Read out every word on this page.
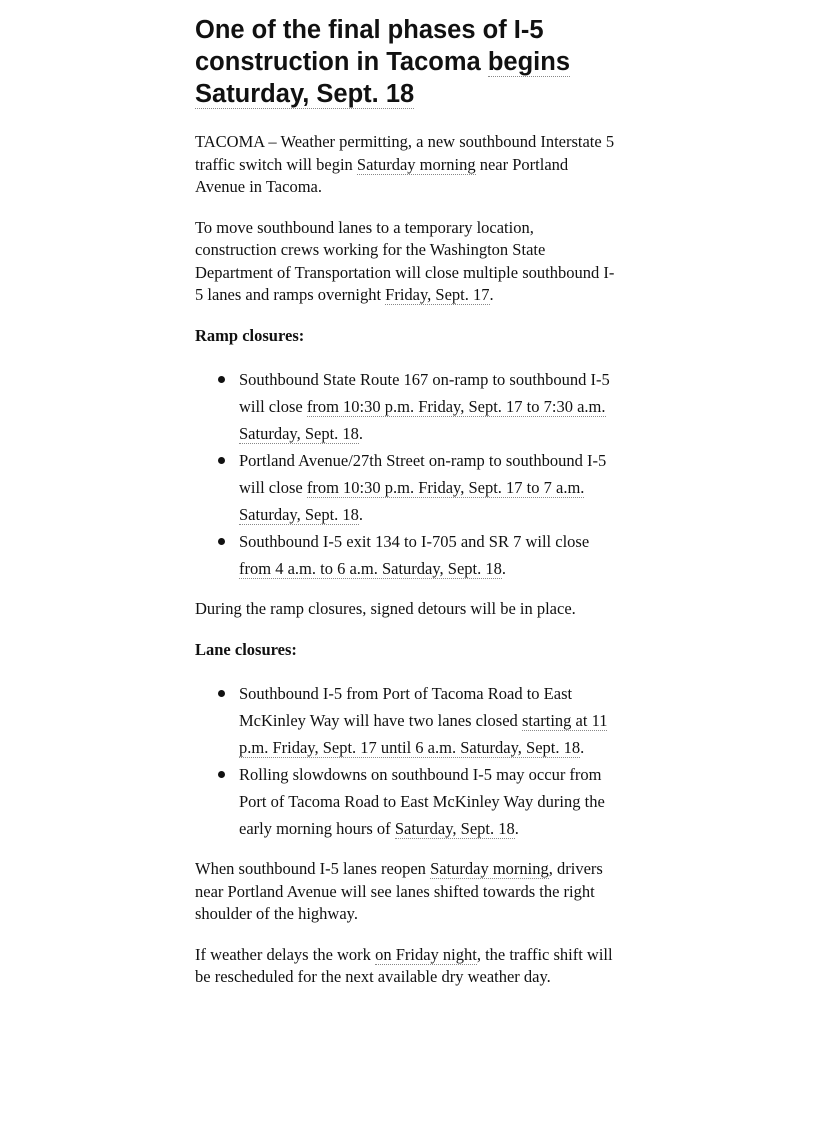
One of the final phases of I-5 construction in Tacoma begins Saturday, Sept. 18

TACOMA – Weather permitting, a new southbound Interstate 5 traffic switch will begin Saturday morning near Portland Avenue in Tacoma.

To move southbound lanes to a temporary location, construction crews working for the Washington State Department of Transportation will close multiple southbound I-5 lanes and ramps overnight Friday, Sept. 17.

Ramp closures:

Southbound State Route 167 on-ramp to southbound I-5 will close from 10:30 p.m. Friday, Sept. 17 to 7:30 a.m. Saturday, Sept. 18.
Portland Avenue/27th Street on-ramp to southbound I-5 will close from 10:30 p.m. Friday, Sept. 17 to 7 a.m. Saturday, Sept. 18.
Southbound I-5 exit 134 to I-705 and SR 7 will close from 4 a.m. to 6 a.m. Saturday, Sept. 18.

During the ramp closures, signed detours will be in place.

Lane closures:

Southbound I-5 from Port of Tacoma Road to East McKinley Way will have two lanes closed starting at 11 p.m. Friday, Sept. 17 until 6 a.m. Saturday, Sept. 18.
Rolling slowdowns on southbound I-5 may occur from Port of Tacoma Road to East McKinley Way during the early morning hours of Saturday, Sept. 18.

When southbound I-5 lanes reopen Saturday morning, drivers near Portland Avenue will see lanes shifted towards the right shoulder of the highway.

If weather delays the work on Friday night, the traffic shift will be rescheduled for the next available dry weather day.
